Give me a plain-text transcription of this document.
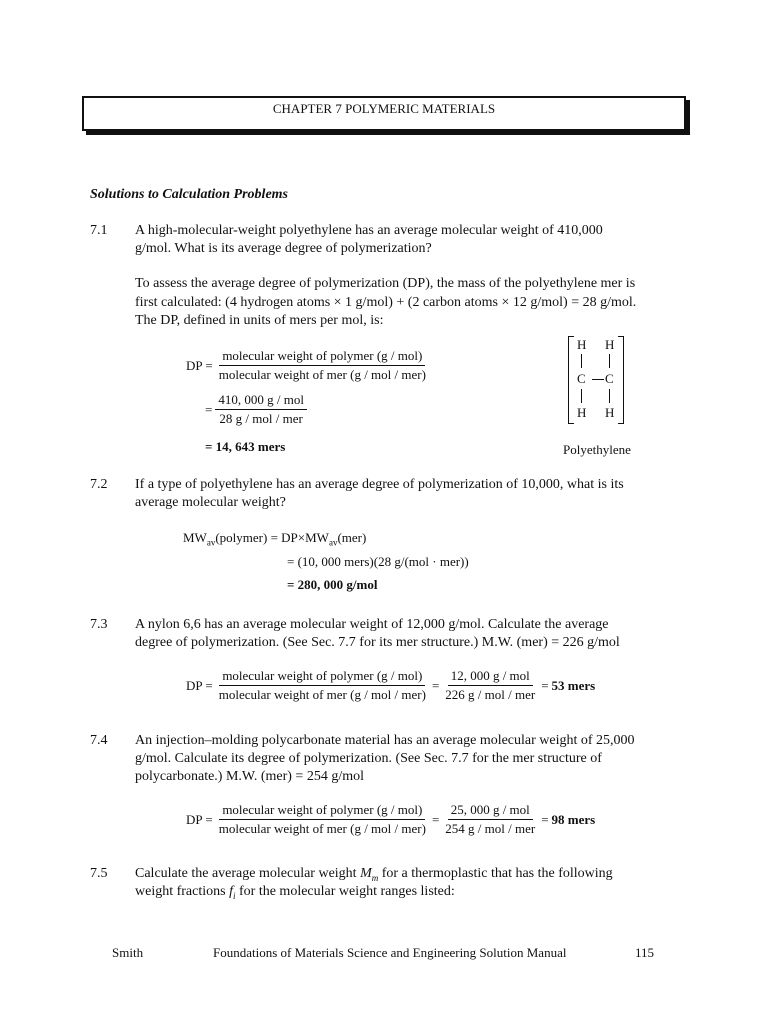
CHAPTER 7 POLYMERIC MATERIALS
Solutions to Calculation Problems
7.1 A high-molecular-weight polyethylene has an average molecular weight of 410,000
g/mol. What is its average degree of polymerization?
To assess the average degree of polymerization (DP), the mass of the polyethylene mer is
first calculated: (4 hydrogen atoms × 1 g/mol) + (2 carbon atoms × 12 g/mol) = 28 g/mol.
The DP, defined in units of mers per mol, is:
DP = $\frac{\text{molecular weight of polymer (g / mol)}}{\text{molecular weight of mer (g / mol / mer)}}$
= $\frac{\text{410, 000 g / mol}}{\text{28 g / mol / mer}}$
= 14, 643 mers
H H
C C
H H
Polyethylene
7.2 If a type of polyethylene has an average degree of polymerization of 10,000, what is its
average molecular weight?
$MW_{av}(polymer) = DP\times MW_{av}(mer)$
= (10, 000 mers)(28 g/(mol · mer))
= 280, 000 g/mol
7.3 A nylon 6,6 has an average molecular weight of 12,000 g/mol. Calculate the average
degree of polymerization. (See Sec. 7.7 for its mer structure.) M.W. (mer) = 226 g/mol
DP = $\frac{\text{molecular weight of polymer (g / mol)}}{\text{molecular weight of mer (g / mol / mer)}} = \frac{\text{12, 000 g / mol}}{\text{226 g / mol / mer}} = 53$ mers
7.4 An injection–molding polycarbonate material has an average molecular weight of 25,000
g/mol. Calculate its degree of polymerization. (See Sec. 7.7 for the mer structure of
polycarbonate.) M.W. (mer) = 254 g/mol
DP = $\frac{\text{molecular weight of polymer (g / mol)}}{\text{molecular weight of mer (g / mol / mer)}} = \frac{\text{25, 000 g / mol}}{\text{254 g / mol / mer}} = 98$ mers
7.5 Calculate the average molecular weight $M_m$ for a thermoplastic that has the following
weight fractions $f_i$ for the molecular weight ranges listed:
Smith	Foundations of Materials Science and Engineering Solution Manual	115
